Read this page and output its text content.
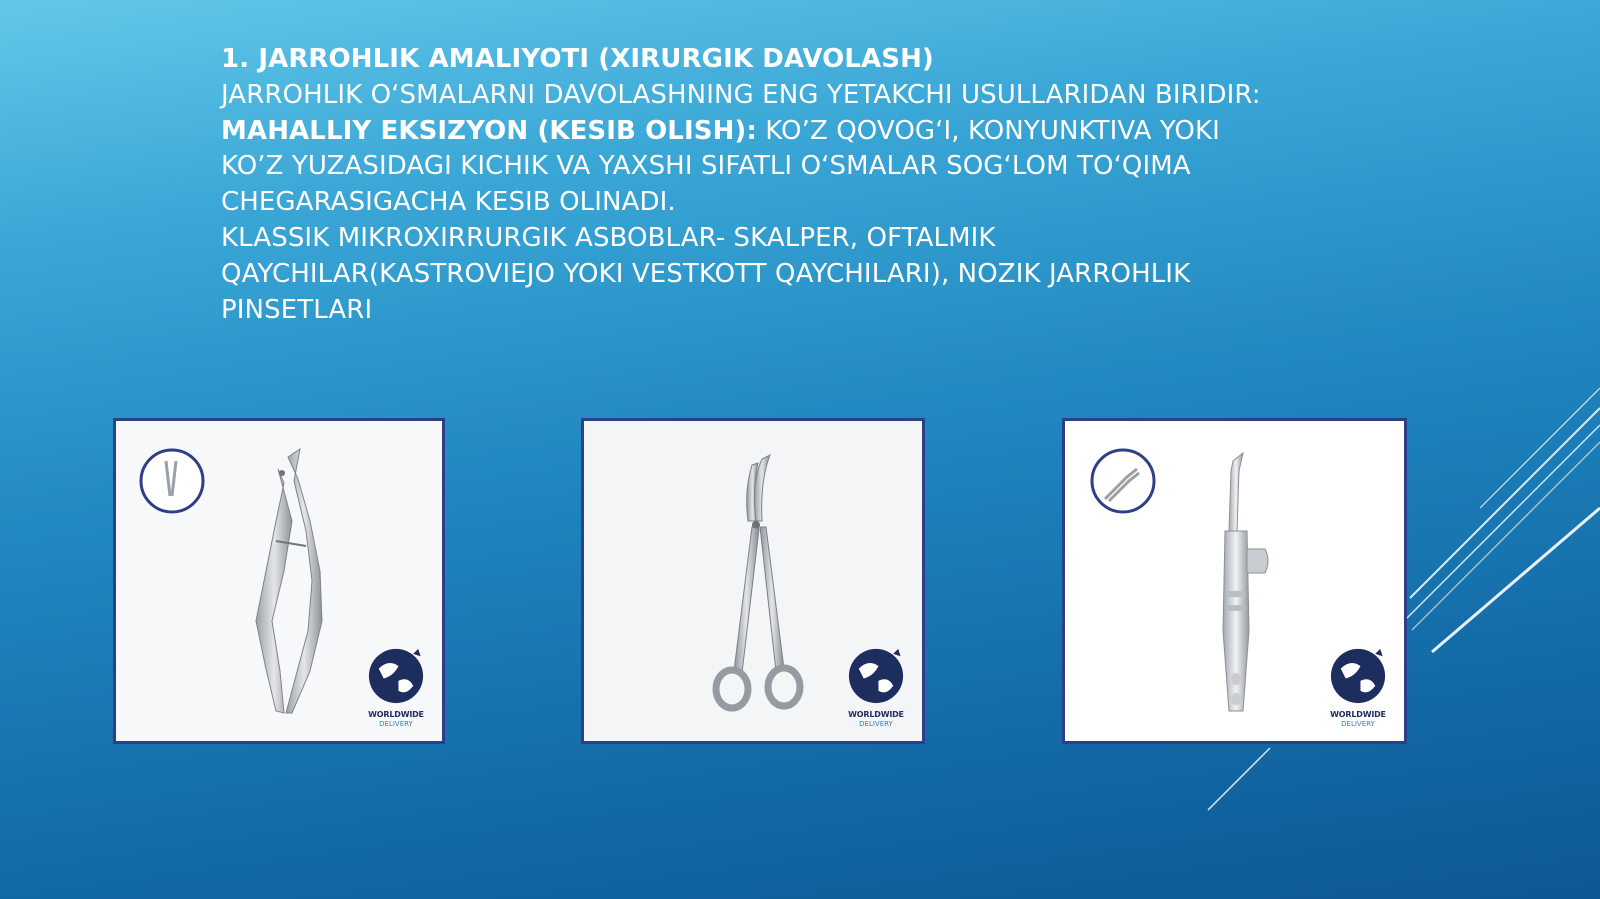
1. JARROHLIK AMALIYOTI (XIRURGIK DAVOLASH)

JARROHLIK O‘SMALARNI DAVOLASHNING ENG YETAKCHI USULLARIDAN BIRIDIR:

MAHALLIY EKSIZYON (KESIB OLISH): KO’Z QOVOG‘I, KONYUNKTIVA YOKI KO’Z YUZASIDAGI KICHIK VA YAXSHI SIFATLI O‘SMALAR SOG‘LOM TO‘QIMA CHEGARASIGACHA KESIB OLINADI.

KLASSIK MIKROXIRRURGIK ASBOBLAR- SKALPER, OFTALMIK QAYCHILAR(KASTROVIEJO YOKI VESTKOTT QAYCHILARI), NOZIK JARROHLIK PINSETLARI

WORLDWIDE
DELIVERY
WORLDWIDE
DELIVERY
WORLDWIDE
DELIVERY
